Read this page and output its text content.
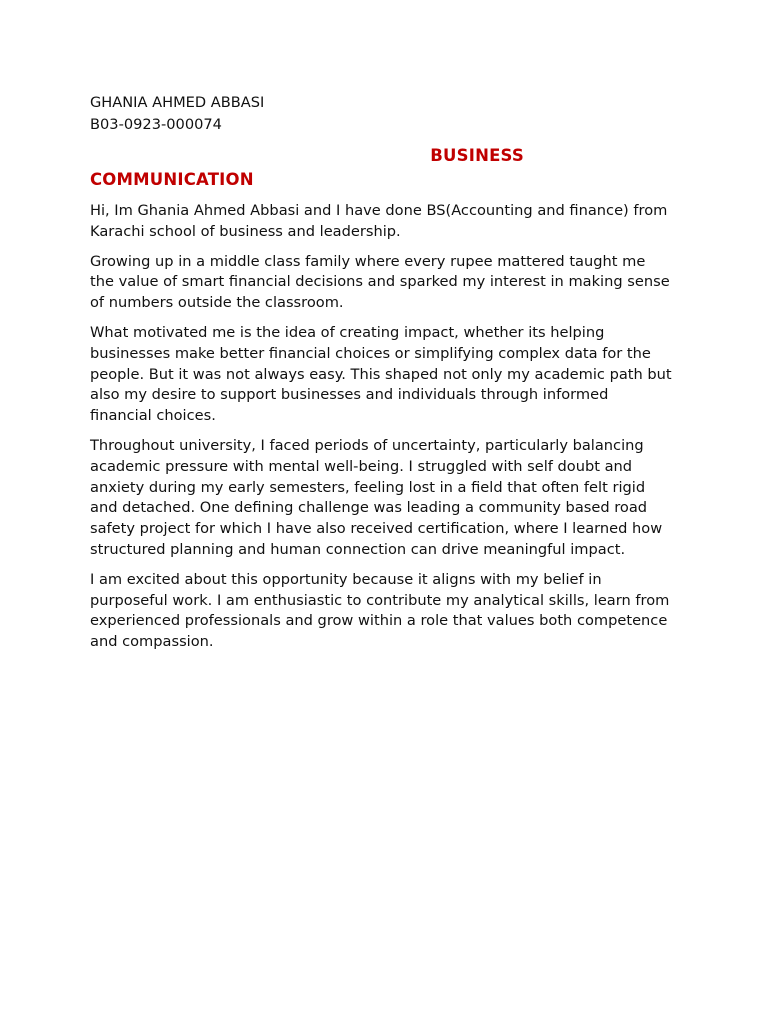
GHANIA AHMED ABBASI
B03-0923-000074
BUSINESS
COMMUNICATION

Hi, Im Ghania Ahmed Abbasi and I have done BS(Accounting and finance) from Karachi school of business and leadership.

Growing up in a middle class family where every rupee mattered taught me the value of smart financial decisions and sparked my interest in making sense of numbers outside the classroom.

What motivated me is the idea of creating impact, whether its helping businesses make better financial choices or simplifying complex data for the people. But it was not always easy. This shaped not only my academic path but also my desire to support businesses and individuals through informed financial choices.

Throughout university, I faced periods of uncertainty, particularly balancing academic pressure with mental well-being. I struggled with self doubt and anxiety during my early semesters, feeling lost in a field that often felt rigid and detached. One defining challenge was leading a community based road safety project for which I have also received certification, where I learned how structured planning and human connection can drive meaningful impact.

I am excited about this opportunity because it aligns with my belief in purposeful work. I am enthusiastic to contribute my analytical skills, learn from experienced professionals and grow within a role that values both competence and compassion.
